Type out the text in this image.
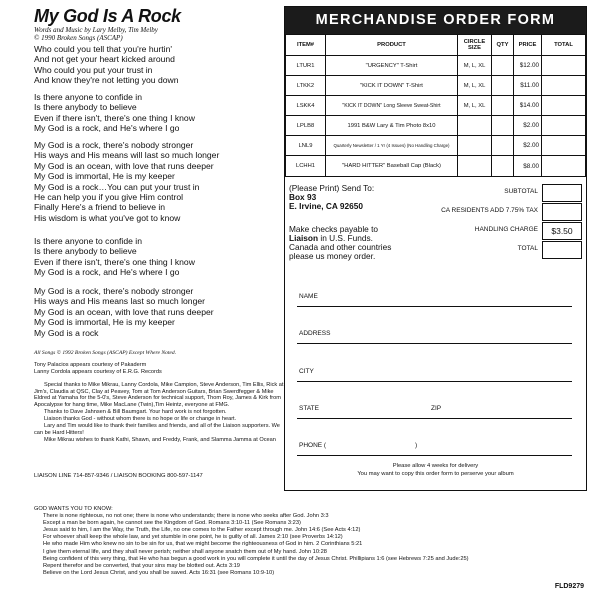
My God Is A Rock
Words and Music by Lary Melby, Tim Melby
© 1990 Broken Songs (ASCAP)
Who could you tell that you're hurtin'
And not get your heart kicked around
Who could you put your trust in
And know they're not letting you down
Is there anyone to confide in
Is there anybody to believe
Even if there isn't, there's one thing I know
My God is a rock, and He's where I go
My God is a rock, there's nobody stronger
His ways and His means will last so much longer
My God is an ocean, with love that runs deeper
My God is immortal, He is my keeper
My God is a rock…You can put your trust in
He can help you if you give Him control
Finally Here's a friend to believe in
His wisdom is what you've got to know
Is there anyone to confide in
Is there anybody to believe
Even if there isn't, there's one thing I know
My God is a rock, and He's where I go
My God is a rock, there's nobody stronger
His ways and His means last so much longer
My God is an ocean, with love that runs deeper
My God is immortal, He is my keeper
My God is a rock
All Songs © 1992 Broken Songs (ASCAP) Except Where Noted.
Tony Palacios appears courtesy of Pakaderm
Lanny Cordola appears courtesy of E.R.G. Records

Special thanks to Mike Mikrau, Lanny Cordola, Mike Campion, Steve Anderson, Tim Ellis, Rick at Jim's, Claudia at QSC, Clay at Peavey, Tom at Tom Anderson Guitars, Brian Swerdfegger & Mike Eldred at Yamaha for the 5-0's, Steve Anderson for technical support, Thom Roy, James & Kirk from Apocalypse for hang time, Mike MacLane (Twin),Tim Heintz, everyone at FMG.

Thanks to Dave Jahnsen & Bill Baumgart. Your hard work is not forgotten.

Liaison thanks God - without whom there is no hope or life or change in heart.

Lary and Tim would like to thank their families and friends, and all of the Liaison supporters. We can be Hard Hitters!

Mike Mikrau wishes to thank Kathi, Shawn, and Freddy, Frank, and Slamma Jamma at Ocean

LIAISON LINE 714-857-9346 / LIAISON BOOKING 800-597-1147
GOD WANTS YOU TO KNOW:
There is none righteous, no not one; there is none who understands; there is none who seeks after God. John 3:3
Except a man be born again, he cannot see the Kingdom of God. Romans 3:10-11 (See Romans 3:23)
Jesus said to him, I am the Way, the Truth, the Life, no one comes to the Father except through me. John 14:6 (See Acts 4:12)
For whoever shall keep the whole law, and yet stumble in one point, he is guilty of all. James 2:10 (see Proverbs 14:12)
He who made Him who knew no sin to be sin for us, that we might become the righteousness of God in him. 2 Corinthians 5:21
I give them eternal life, and they shall never perish; neither shall anyone snatch them out of My hand. John 10:28
Being confident of this very thing, that He who has begun a good work in you will complete it until the day of Jesus Christ. Phillipians 1:6 (see Hebrews 7:25 and Jude:25)
Repent therefor and be converted, that your sins may be blotted out. Acts 3:19
Believe on the Lord Jesus Christ, and you shall be saved. Acts 16:31 (see Romans 10:9-10)
FLD9279
MERCHANDISE ORDER FORM
ITEM#	PRODUCT	CIRCLE SIZE	QTY	PRICE	TOTAL
LTUR1	"URGENCY" T-Shirt	M, L, XL		$12.00	
LTKK2	"KICK IT DOWN" T-Shirt	M, L, XL		$11.00	
LSKK4	"KICK IT DOWN" Long Sleeve Sweat-Shirt	M, L, XL		$14.00	
LPLB8	1991 B&W Lary & Tim Photo 8x10			$2.00	
LNL9	Quarterly Newsletter / 1 Yr (4 Issues) (No Handling Charge)			$2.00	
LCHH1	"HARD HITTER" Baseball Cap (Black)			$8.00	
(Please Print) Send To:
Box 93
E. Irvine, CA 92650
Make checks payable to
Liaison in U.S. Funds.
Canada and other countries
please us money order.
SUBTOTAL
CA RESIDENTS ADD 7.75% TAX
HANDLING CHARGE	$3.50
TOTAL
NAME
ADDRESS
CITY
STATE	ZIP
PHONE (	)
Please allow 4 weeks for delivery
You may want to copy this order form to perserve your album
